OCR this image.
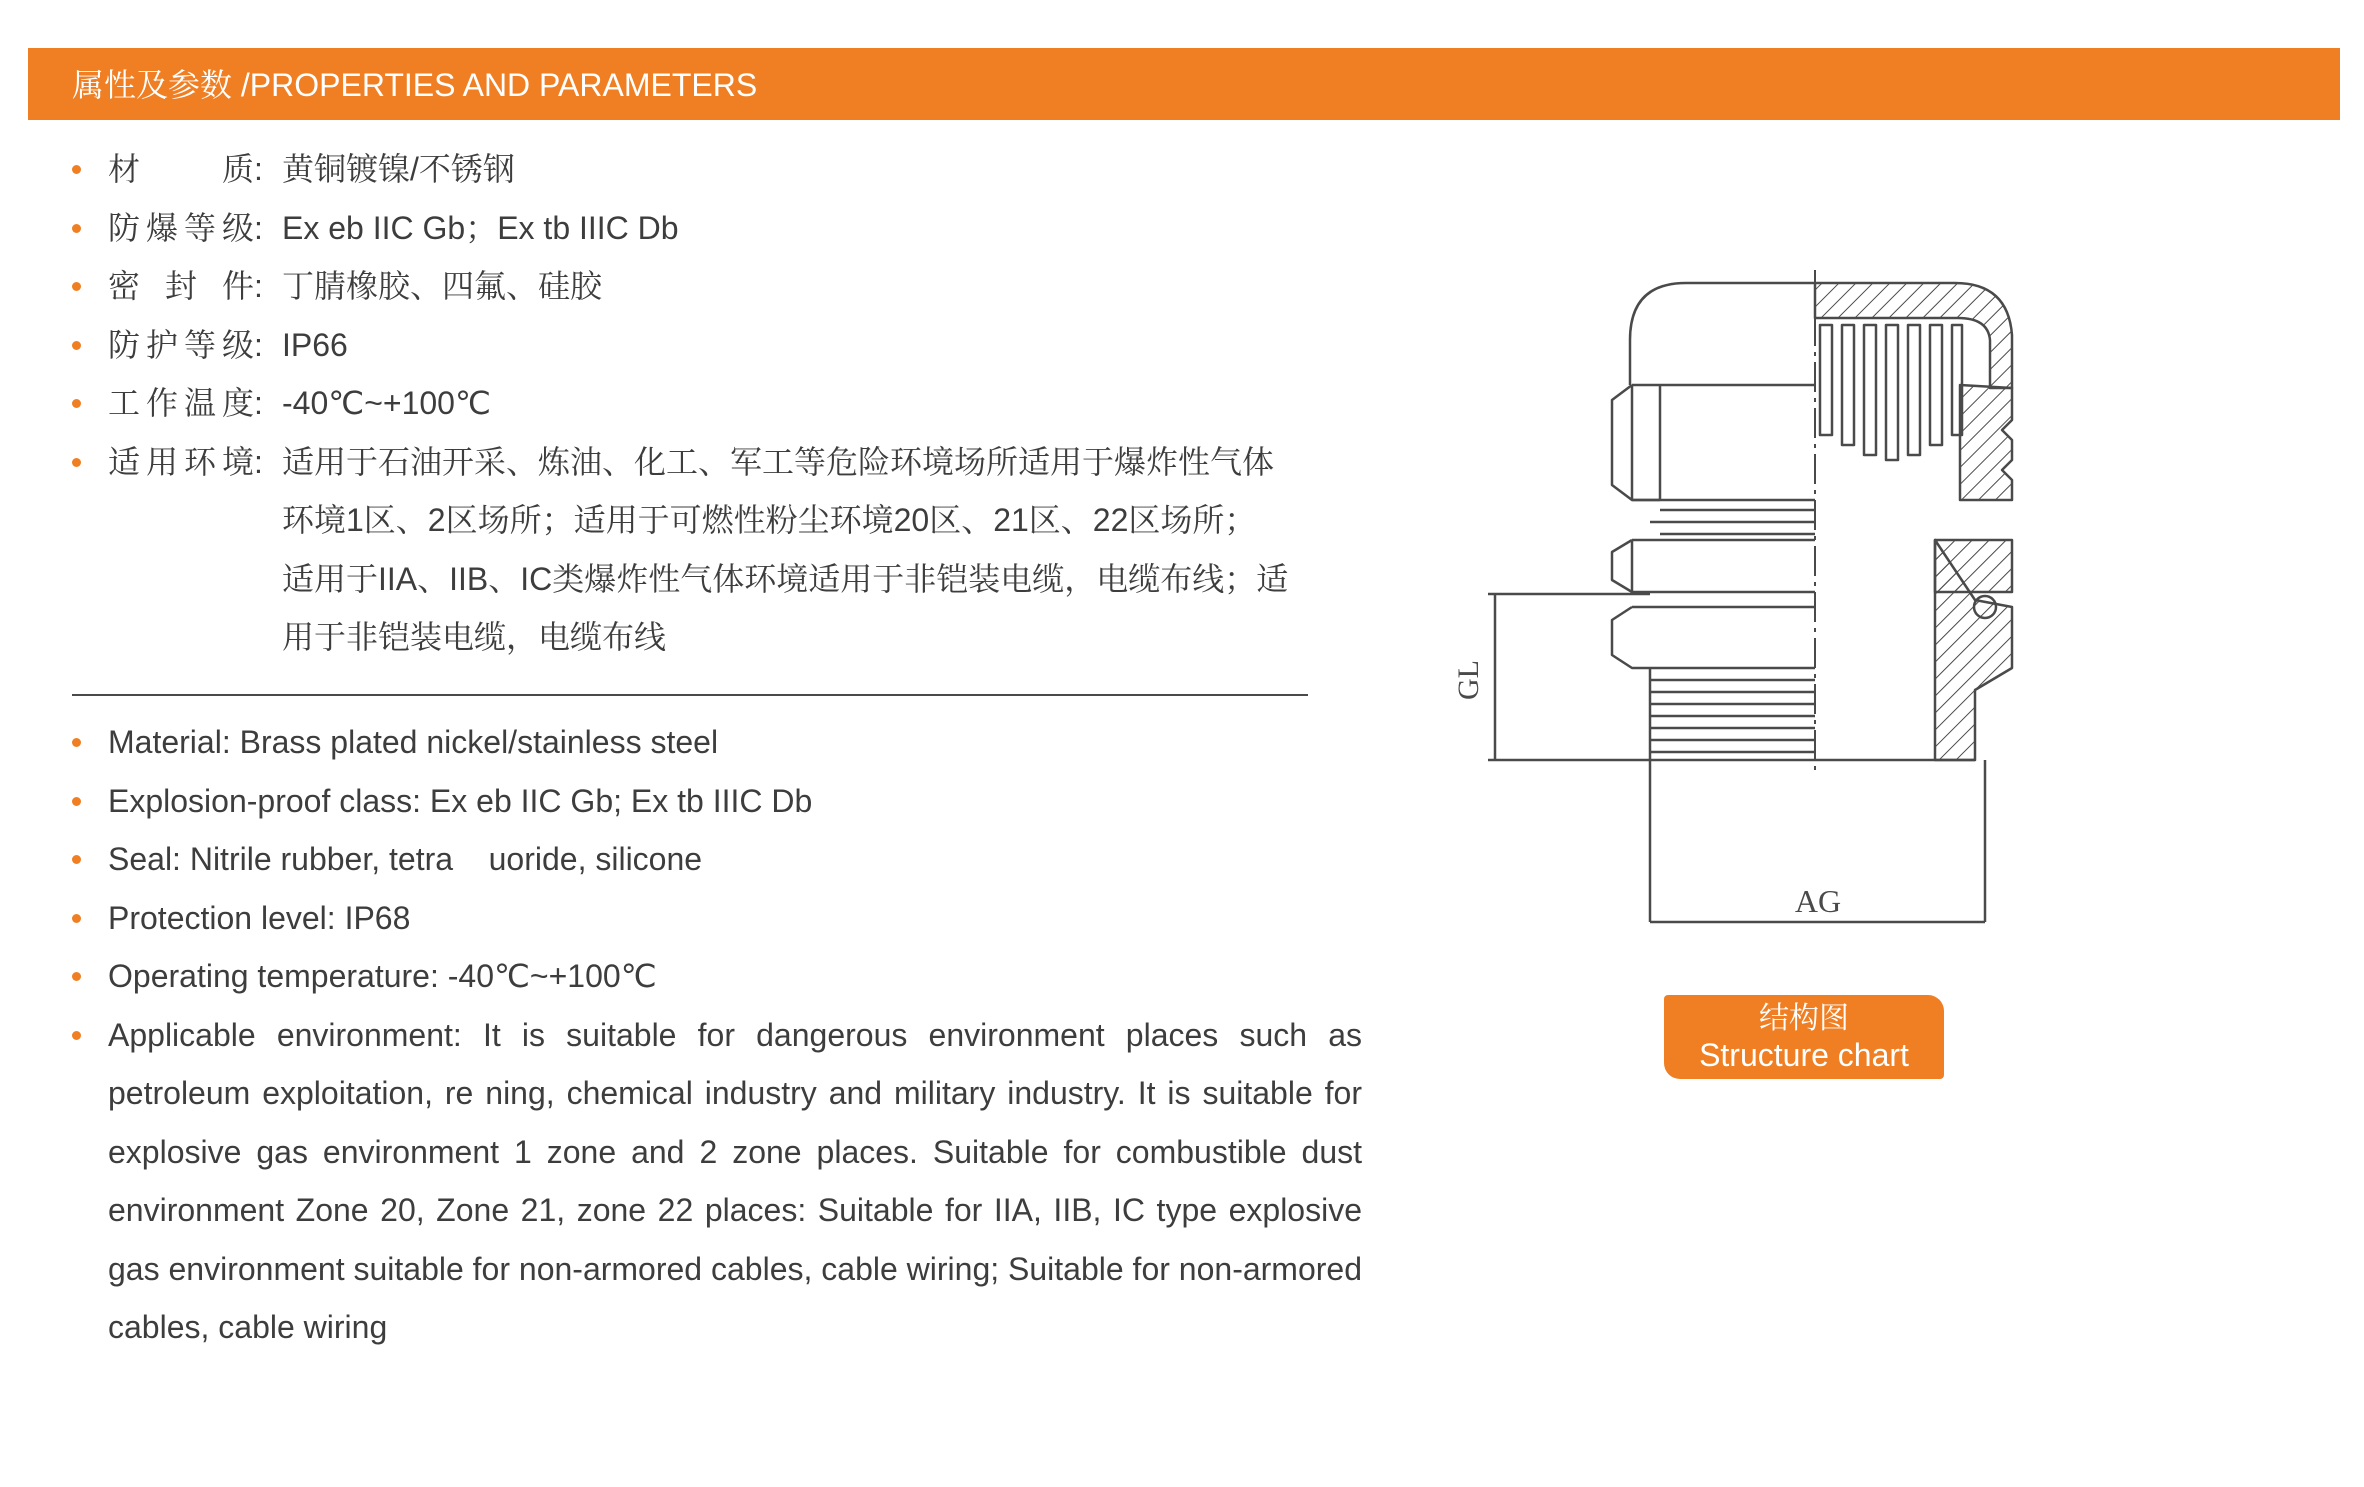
属性及参数 /PROPERTIES AND PARAMETERS
材质 : 黄铜镀镍/不锈钢
防爆等级 : Ex eb IIC Gb；Ex tb IIIC Db
密封件 : 丁腈橡胶、四氟、硅胶
防护等级 : IP66
工作温度 : -40℃~+100℃
适用环境 : 适用于石油开采、炼油、化工、军工等危险环境场所适用于爆炸性气体
环境1区、2区场所；适用于可燃性粉尘环境20区、21区、22区场所；
适用于IIA、IIB、IC类爆炸性气体环境适用于非铠装电缆，电缆布线；适
用于非铠装电缆，电缆布线
Material: Brass plated nickel/stainless steel
Explosion-proof class: Ex eb IIC Gb; Ex tb IIIC Db
Seal: Nitrile rubber, tetra    uoride, silicone
Protection level: IP68
Operating temperature: -40℃~+100℃
Applicable environment: It is suitable for dangerous environment places such as petroleum exploitation, re ning, chemical industry and military industry. It is suitable for explosive gas environment 1 zone and 2 zone places. Suitable for combustible dust environment Zone 20, Zone 21, zone 22 places: Suitable for IIA, IIB, IC type explosive gas environment suitable for non-armored cables, cable wiring; Suitable for non-armored cables, cable wiring
GL
AG
结构图
Structure chart
